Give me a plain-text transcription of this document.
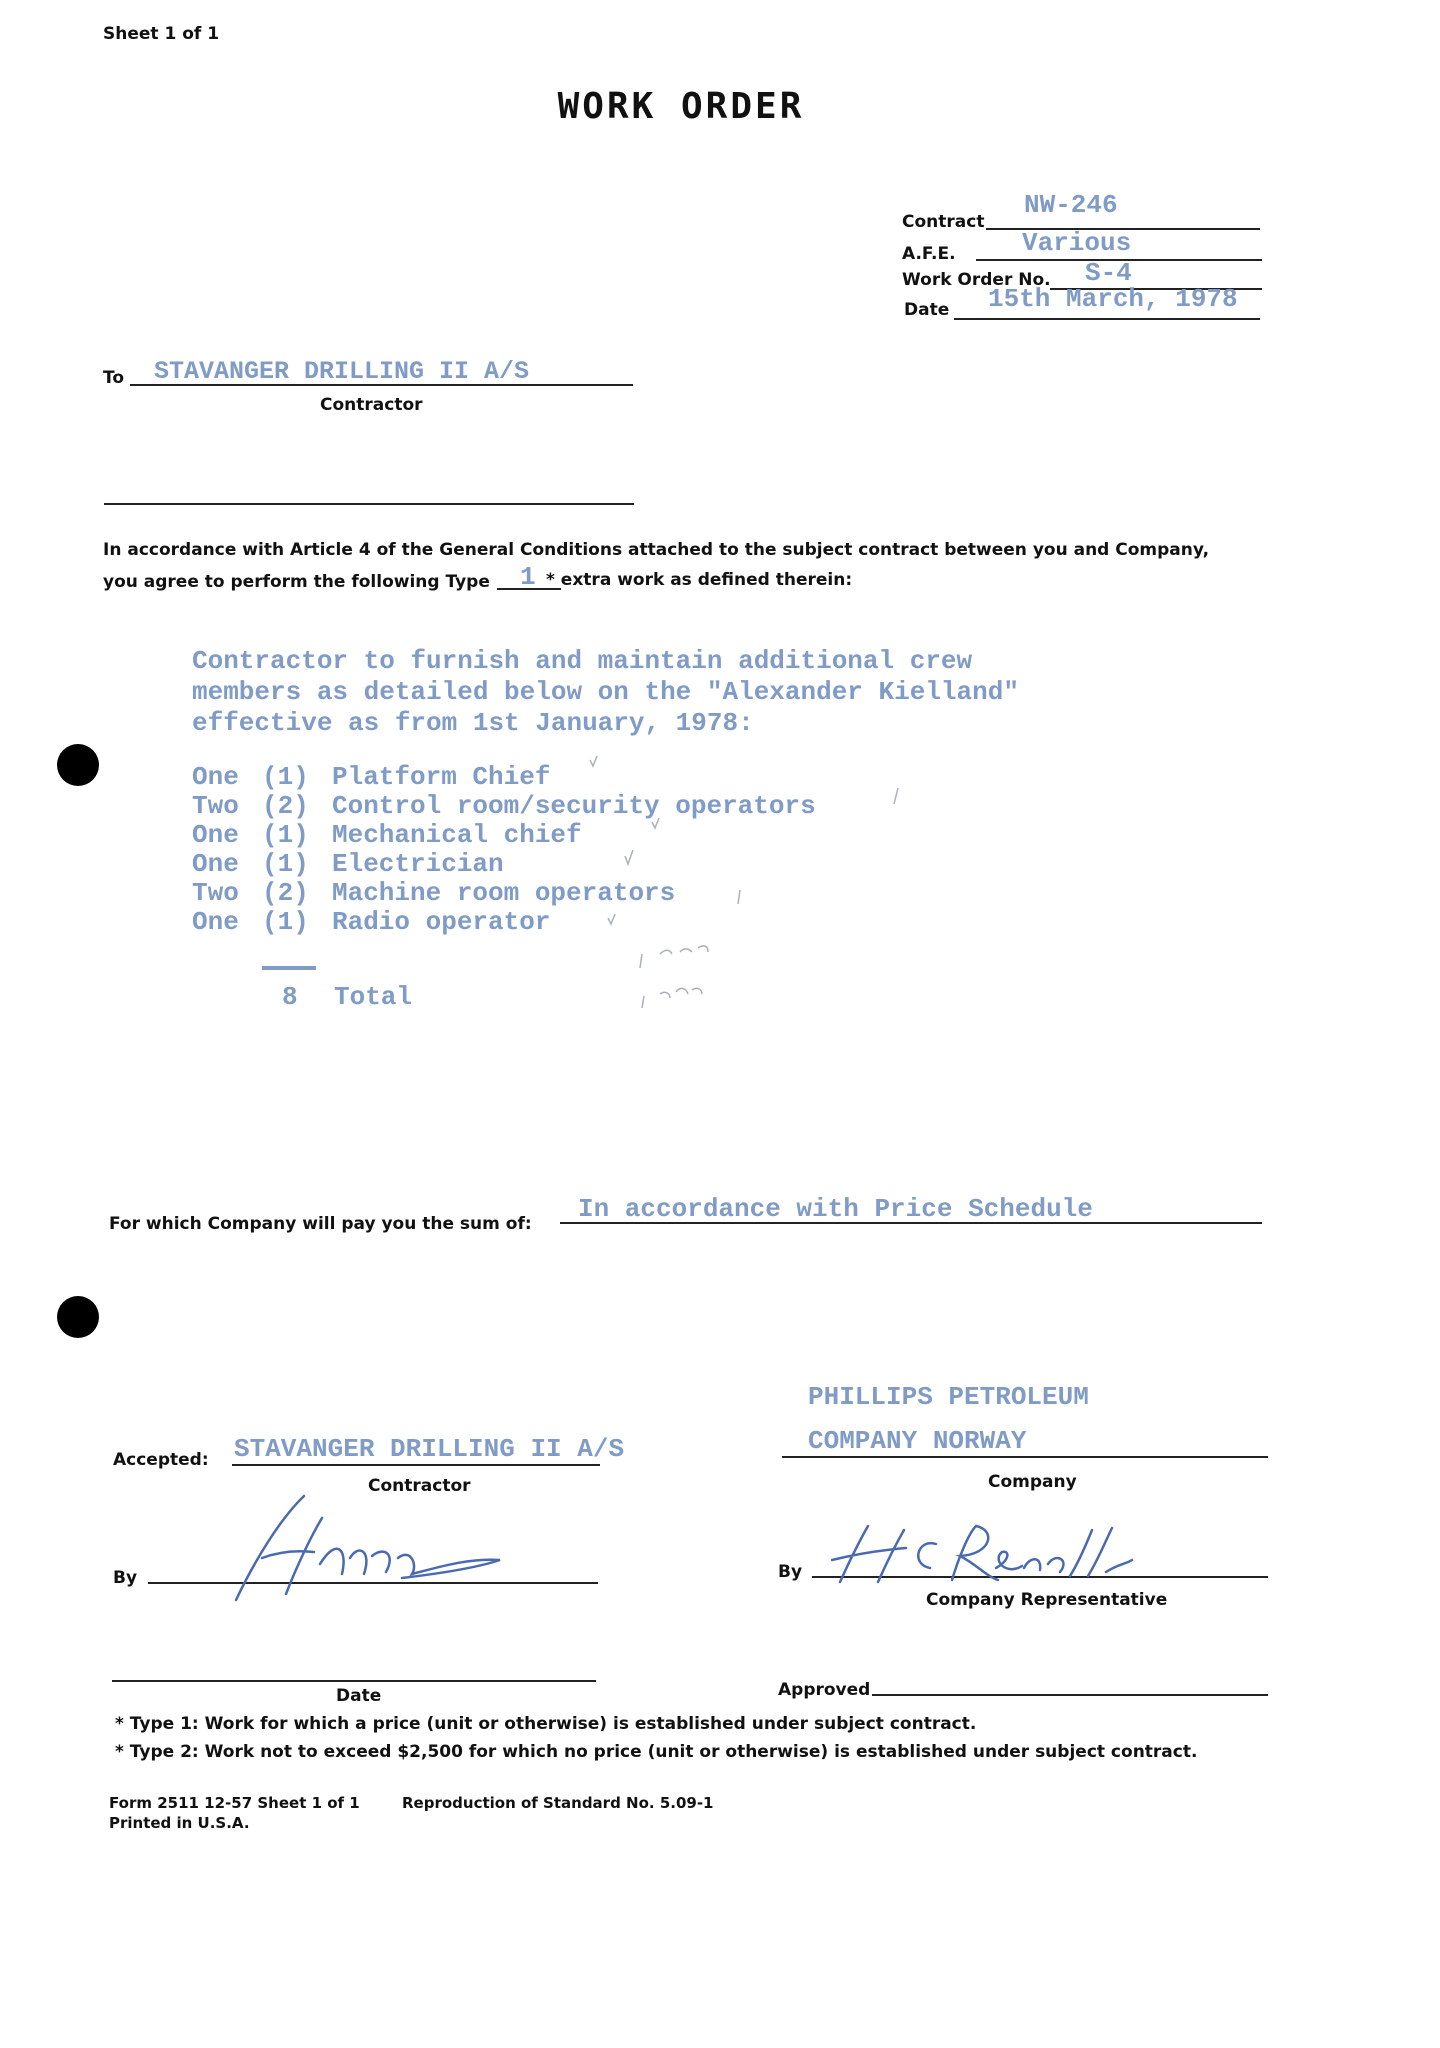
Sheet 1 of 1
WORK ORDER
Contract
NW-246
A.F.E.	Various
Work Order No. S-4
Date 15th March, 1978
To STAVANGER DRILLING II A/S
Contractor
In accordance with Article 4 of the General Conditions attached to the subject contract between you and Company,
you agree to perform the following Type 1 * extra work as defined therein:
Contractor to furnish and maintain additional crew
members as detailed below on the "Alexander Kielland"
effective as from 1st January, 1978:
One (1) Platform Chief
Two (2) Control room/security operators
One (1) Mechanical chief
One (1) Electrician
Two (2) Machine room operators
One (1) Radio operator
8 Total
For which Company will pay you the sum of: In accordance with Price Schedule
Accepted: STAVANGER DRILLING II A/S
Contractor
By
Date
PHILLIPS PETROLEUM
COMPANY NORWAY
Company
By
Company Representative
Approved
* Type 1: Work for which a price (unit or otherwise) is established under subject contract.
* Type 2: Work not to exceed $2,500 for which no price (unit or otherwise) is established under subject contract.
Form 2511 12-57 Sheet 1 of 1	Reproduction of Standard No. 5.09-1
Printed in U.S.A.
